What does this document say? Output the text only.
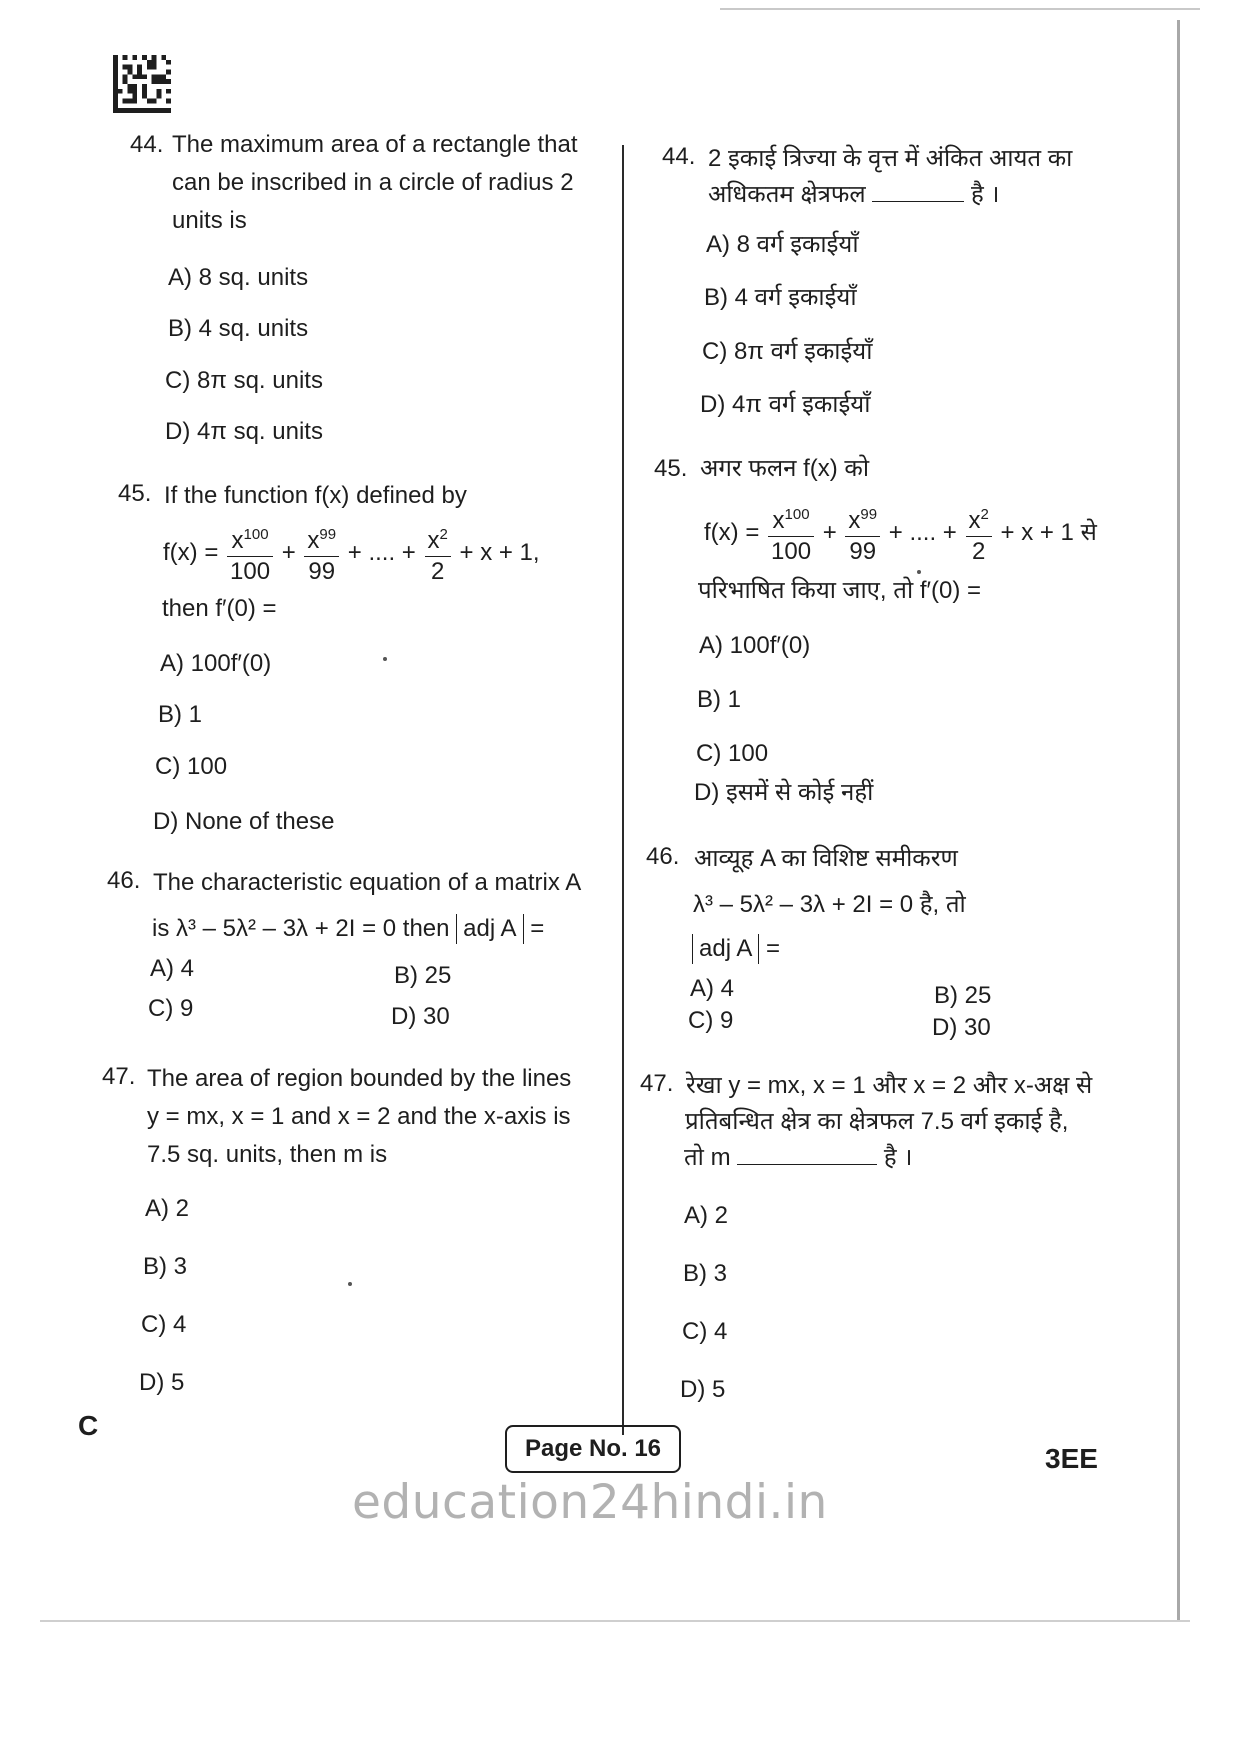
44. The maximum area of a rectangle that can be inscribed in a circle of radius 2 units is
A) 8 sq. units
B) 4 sq. units
C) 8π sq. units
D) 4π sq. units
45. If the function f(x) defined by
$f(x) = \frac{x^{100}}{100} + \frac{x^{99}}{99}$ + .... + $\frac{x^2}{2} + x + 1$,
then f′(0) =
A) 100f′(0)
B) 1
C) 100
D) None of these
46. The characteristic equation of a matrix A
is λ³ – 5λ² – 3λ + 2I = 0 then adj A =
A) 4	B) 25
C) 9	D) 30
47. The area of region bounded by the lines y = mx, x = 1 and x = 2 and the x-axis is 7.5 sq. units, then m is
A) 2
B) 3
C) 4
D) 5
44. 2 इकाई त्रिज्या के वृत्त में अंकित आयत का
अधिकतम क्षेत्रफल	है ।
A) 8 वर्ग इकाईयाँ
B) 4 वर्ग इकाईयाँ
C) 8π वर्ग इकाईयाँ
D) 4π वर्ग इकाईयाँ
45. अगर फलन f(x) को
$f(x) = \frac{x^{100}}{100} + \frac{x^{99}}{99}$ + .... + $\frac{x^2}{2} + x + 1$ से
परिभाषित किया जाए, तो f′(0) =
A) 100f′(0)
B) 1
C) 100
D) इसमें से कोई नहीं
46. आव्यूह A का विशिष्ट समीकरण
λ³ – 5λ² – 3λ + 2I = 0 है, तो
adj A =
A) 4	B) 25
C) 9	D) 30
47. रेखा y = mx, x = 1 और x = 2 और x-अक्ष से
प्रतिबन्धित क्षेत्र का क्षेत्रफल 7.5 वर्ग इकाई है,
तो m	है ।
A) 2
B) 3
C) 4
D) 5
C
Page No. 16	3EE
education24hindi.in
